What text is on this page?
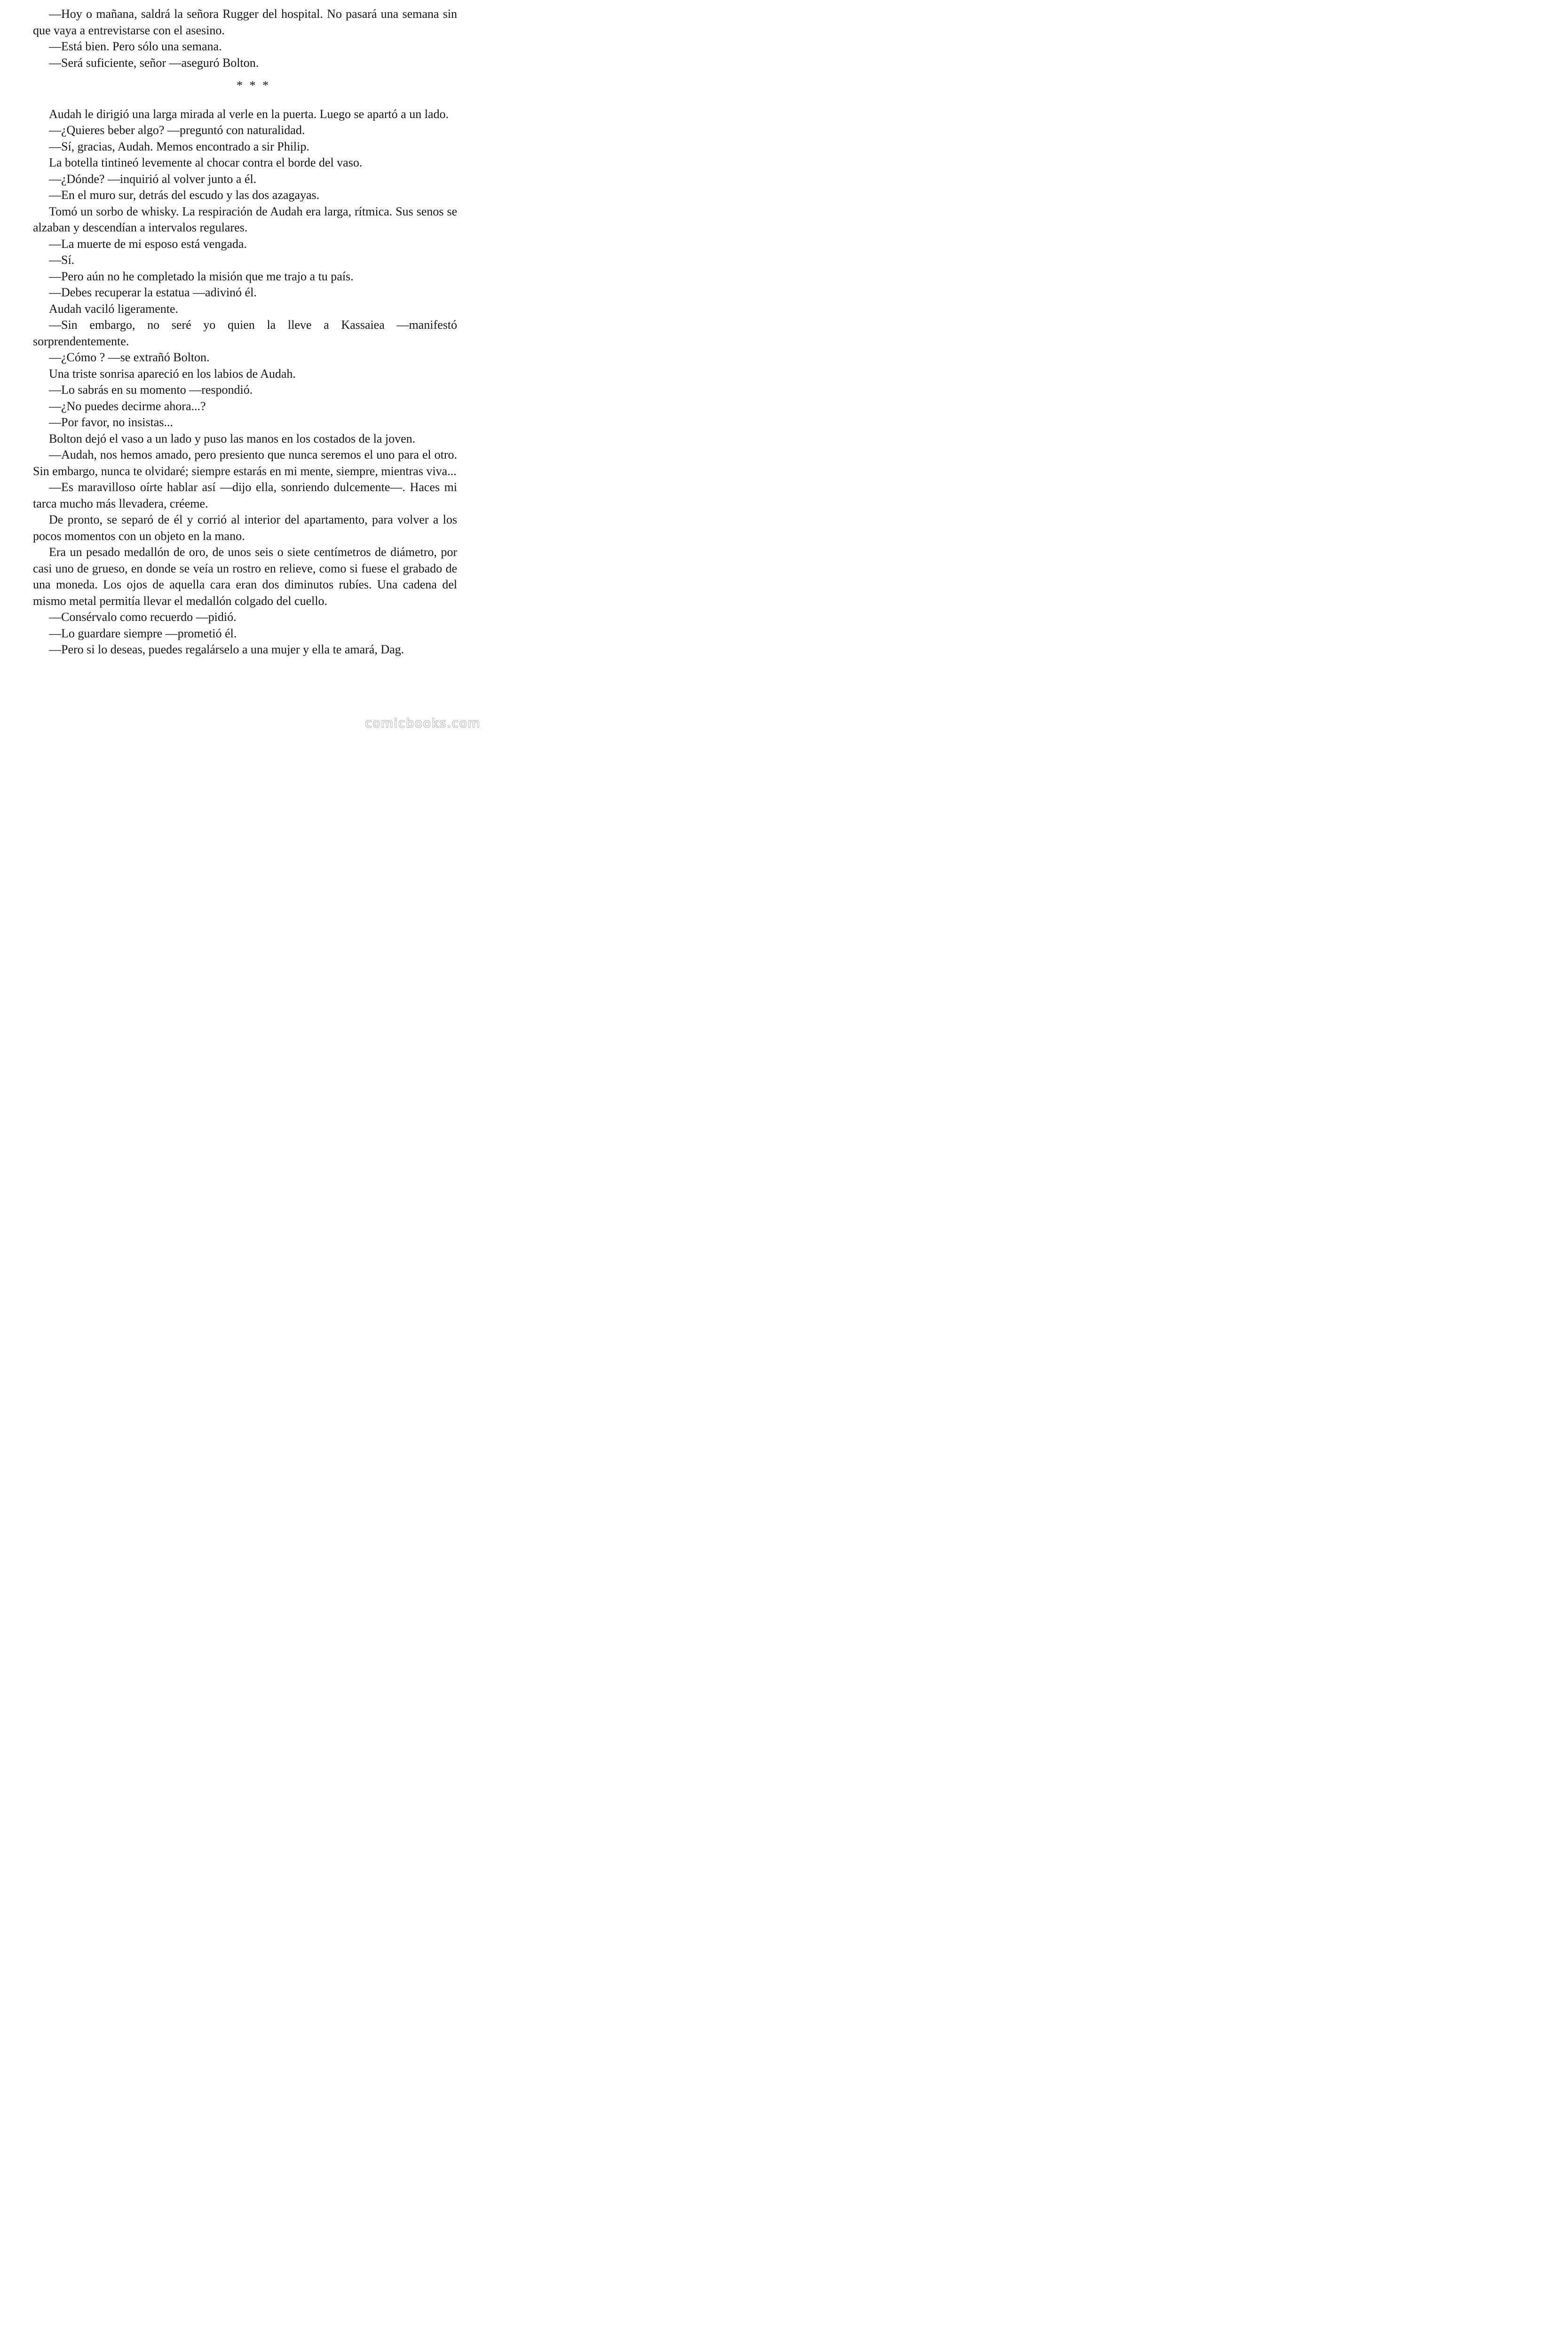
—Hoy o mañana, saldrá la señora Rugger del hospital. No pasará una semana sin que vaya a entrevistarse con el asesino.

—Está bien. Pero sólo una semana.

—Será suficiente, señor —aseguró Bolton.

* * *

Audah le dirigió una larga mirada al verle en la puerta. Luego se apartó a un lado.

—¿Quieres beber algo? —preguntó con naturalidad.

—Sí, gracias, Audah. Memos encontrado a sir Philip.

La botella tintineó levemente al chocar contra el borde del vaso.

—¿Dónde? —inquirió al volver junto a él.

—En el muro sur, detrás del escudo y las dos azagayas.

Tomó un sorbo de whisky. La respiración de Audah era larga, rítmica. Sus senos se alzaban y descendían a intervalos regulares.

—La muerte de mi esposo está vengada.

—Sí.

—Pero aún no he completado la misión que me trajo a tu país.

—Debes recuperar la estatua —adivinó él.

Audah vaciló ligeramente.

—Sin embargo, no seré yo quien la lleve a Kassaiea —manifestó sorprendentemente.

—¿Cómo ? —se extrañó Bolton.

Una triste sonrisa apareció en los labios de Audah.

—Lo sabrás en su momento —respondió.

—¿No puedes decirme ahora...?

—Por favor, no insistas...

Bolton dejó el vaso a un lado y puso las manos en los costados de la joven.

—Audah, nos hemos amado, pero presiento que nunca seremos el uno para el otro. Sin embargo, nunca te olvidaré; siempre estarás en mi mente, siempre, mientras viva...

—Es maravilloso oírte hablar así —dijo ella, sonriendo dulcemente—. Haces mi tarca mucho más llevadera, créeme.

De pronto, se separó de él y corrió al interior del apartamento, para volver a los pocos momentos con un objeto en la mano.

Era un pesado medallón de oro, de unos seis o siete centímetros de diámetro, por casi uno de grueso, en donde se veía un rostro en relieve, como si fuese el grabado de una moneda. Los ojos de aquella cara eran dos diminutos rubíes. Una cadena del mismo metal permitía llevar el medallón colgado del cuello.

—Consérvalo como recuerdo —pidió.

—Lo guardare siempre —prometió él.

—Pero si lo deseas, puedes regalárselo a una mujer y ella te amará, Dag.

comicbooks.com
